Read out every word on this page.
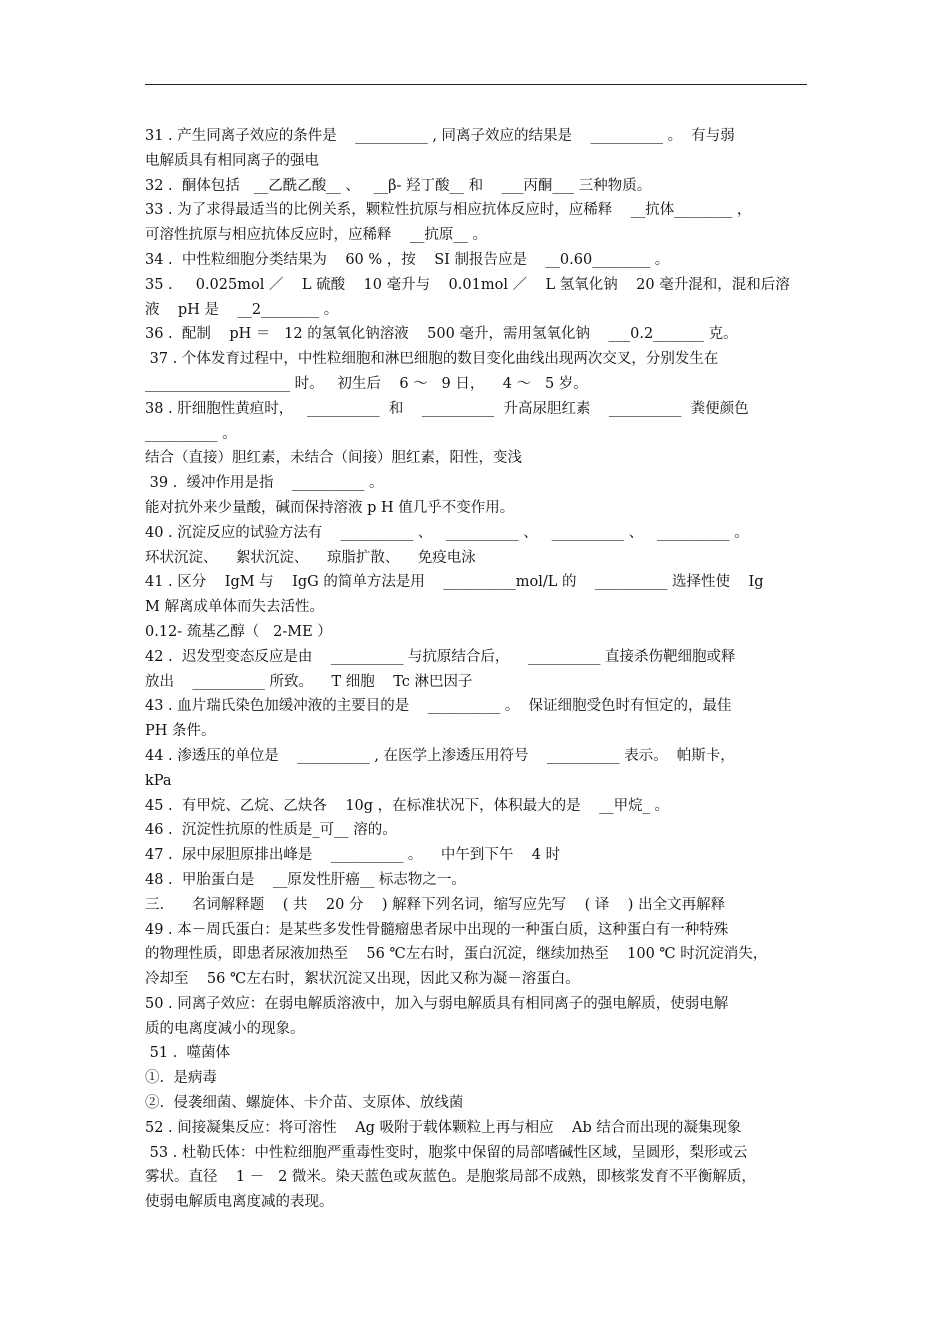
31 . 产生同离子效应的条件是    __________ , 同离子效应的结果是    __________ 。  有与弱
电解质具有相同离子的强电
32 .  酮体包括   __乙酰乙酸__ 、   __β- 羟丁酸__ 和    ___丙酮___ 三种物质。
33 . 为了求得最适当的比例关系，颗粒性抗原与相应抗体反应时，应稀释    __抗体________ ，
可溶性抗原与相应抗体反应时，应稀释    __抗原__ 。
34 .  中性粒细胞分类结果为    60 % ，按    SI 制报告应是    __0.60________ 。
35 .     0.025mol ／    L 硫酸    10 毫升与    0.01mol ／    L 氢氧化钠    20 毫升混和，混和后溶
液    pH 是    __2________ 。
36 .  配制    pH ＝   12 的氢氧化钠溶液    500 毫升，需用氢氧化钠    ___0.2_______ 克。
37 . 个体发育过程中，中性粒细胞和淋巴细胞的数目变化曲线出现两次交叉，分别发生在
____________________ 时。   初生后    6 ～   9 日，    4 ～   5 岁。
38 . 肝细胞性黄疸时，   __________  和    __________  升高尿胆红素    __________  粪便颜色
__________ 。
结合（直接）胆红素，未结合（间接）胆红素，阳性，变浅
39 .  缓冲作用是指    __________ 。
能对抗外来少量酸，碱而保持溶液 p H 值几乎不变作用。
40 . 沉淀反应的试验方法有    __________ 、   __________ 、   __________ 、   __________ 。
环状沉淀、    絮状沉淀、    琼脂扩散、    免疫电泳
41 . 区分    IgM 与    IgG 的简单方法是用    __________mol/L 的    __________ 选择性使    Ig
M 解离成单体而失去活性。
0.12- 巯基乙醇（   2-ME ）
42 .  迟发型变态反应是由    __________ 与抗原结合后，    __________ 直接杀伤靶细胞或释
放出    __________ 所致。    T 细胞    Tc 淋巴因子
43 . 血片瑞氏染色加缓冲液的主要目的是    __________ 。  保证细胞受色时有恒定的，最佳
PH 条件。
44 . 渗透压的单位是    __________ , 在医学上渗透压用符号    __________ 表示。  帕斯卡，
kPa
45 .  有甲烷、乙烷、乙炔各    10g ，在标准状况下，体积最大的是    __甲烷_ 。
46 .  沉淀性抗原的性质是_可__ 溶的。
47 .  尿中尿胆原排出峰是    __________ 。    中午到下午    4 时
48 .  甲胎蛋白是    __原发性肝癌__ 标志物之一。
三.      名词解释题    ( 共    20 分    ) 解释下列名词，缩写应先写    ( 译    ) 出全文再解释
49 . 本－周氏蛋白：是某些多发性骨髓瘤患者尿中出现的一种蛋白质，这种蛋白有一种特殊
的物理性质，即患者尿液加热至    56 ℃左右时，蛋白沉淀，继续加热至    100 ℃ 时沉淀消失，
冷却至    56 ℃左右时，絮状沉淀又出现，因此又称为凝－溶蛋白。
50 . 同离子效应：在弱电解质溶液中，加入与弱电解质具有相同离子的强电解质，使弱电解
质的电离度减小的现象。
51 .  噬菌体
①.  是病毒
②.  侵袭细菌、螺旋体、卡介苗、支原体、放线菌
52 . 间接凝集反应：将可溶性    Ag 吸附于载体颗粒上再与相应    Ab 结合而出现的凝集现象
53 . 杜勒氏体：中性粒细胞严重毒性变时，胞浆中保留的局部嗜碱性区域，呈圆形，梨形或云
雾状。直径    1 －   2 微米。染天蓝色或灰蓝色。是胞浆局部不成熟，即核浆发育不平衡解质，
使弱电解质电离度减的表现。
